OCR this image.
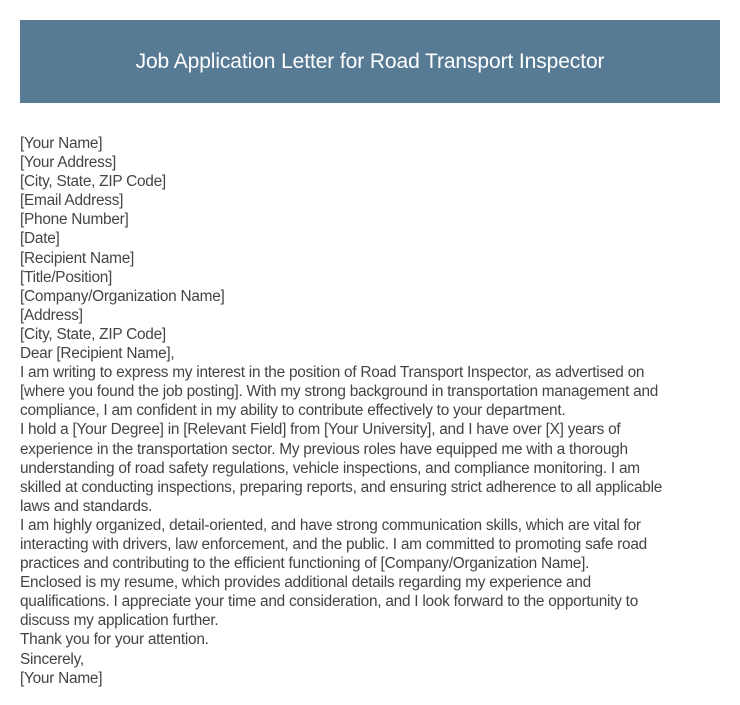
Job Application Letter for Road Transport Inspector
[Your Name]
[Your Address]
[City, State, ZIP Code]
[Email Address]
[Phone Number]
[Date]
[Recipient Name]
[Title/Position]
[Company/Organization Name]
[Address]
[City, State, ZIP Code]
Dear [Recipient Name],
I am writing to express my interest in the position of Road Transport Inspector, as advertised on
[where you found the job posting]. With my strong background in transportation management and
compliance, I am confident in my ability to contribute effectively to your department.
I hold a [Your Degree] in [Relevant Field] from [Your University], and I have over [X] years of
experience in the transportation sector. My previous roles have equipped me with a thorough
understanding of road safety regulations, vehicle inspections, and compliance monitoring. I am
skilled at conducting inspections, preparing reports, and ensuring strict adherence to all applicable
laws and standards.
I am highly organized, detail-oriented, and have strong communication skills, which are vital for
interacting with drivers, law enforcement, and the public. I am committed to promoting safe road
practices and contributing to the efficient functioning of [Company/Organization Name].
Enclosed is my resume, which provides additional details regarding my experience and
qualifications. I appreciate your time and consideration, and I look forward to the opportunity to
discuss my application further.
Thank you for your attention.
Sincerely,
[Your Name]
